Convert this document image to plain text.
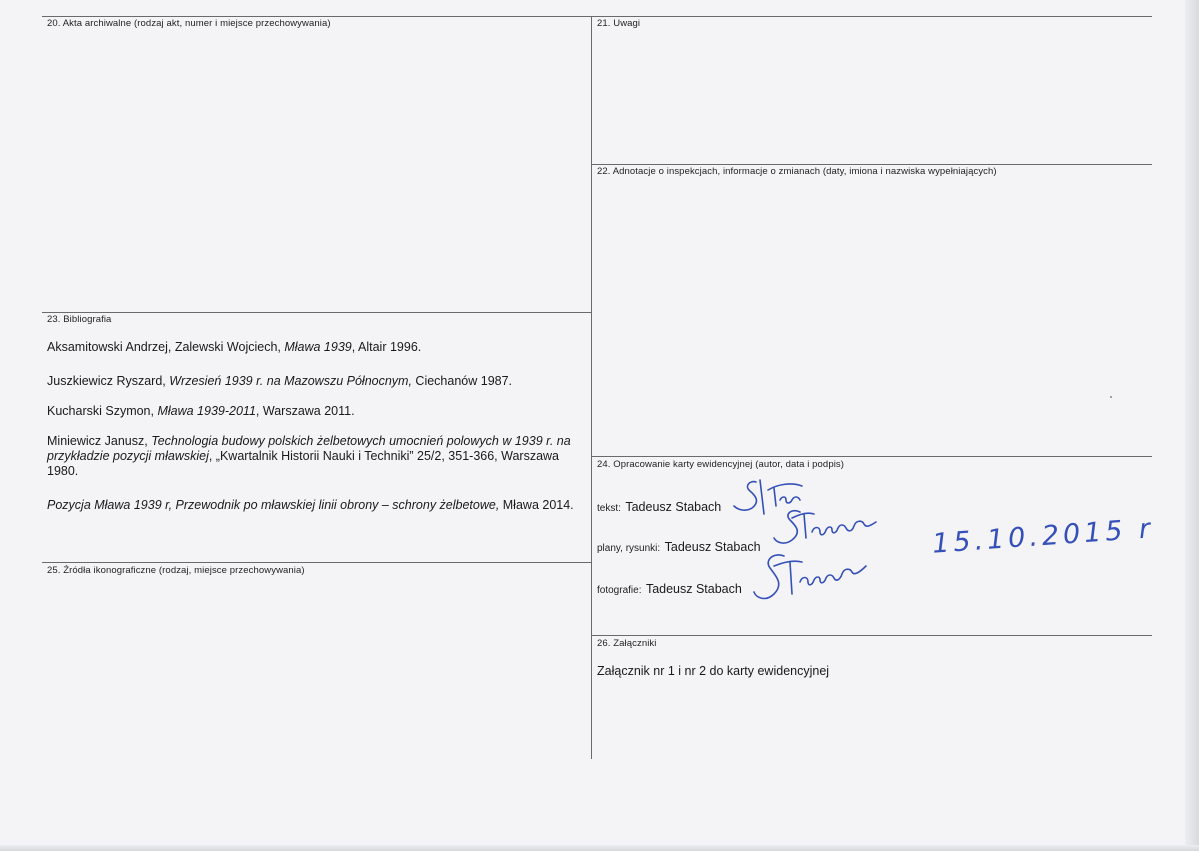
20. Akta archiwalne (rodzaj akt, numer i miejsce przechowywania)	21. Uwagi
22. Adnotacje o inspekcjach, informacje o zmianach (daty, imiona i nazwiska wypełniających)
23. Bibliografia
24. Opracowanie karty ewidencyjnej (autor, data i podpis)
25. Źródła ikonograficzne (rodzaj, miejsce przechowywania)
26. Załączniki
Aksamitowski Andrzej, Zalewski Wojciech, Mława 1939, Altair 1996.
Juszkiewicz Ryszard, Wrzesień 1939 r. na Mazowszu Północnym, Ciechanów 1987.
Kucharski Szymon, Mława 1939-2011, Warszawa 2011.
Miniewicz Janusz, Technologia budowy polskich żelbetowych umocnień polowych w 1939 r. na przykładzie pozycji mławskiej, „Kwartalnik Historii Nauki i Techniki” 25/2, 351-366, Warszawa 1980.
Pozycja Mława 1939 r, Przewodnik po mławskiej linii obrony – schrony żelbetowe, Mława 2014.	tekst: Tadeusz Stabach
plany, rysunki: Tadeusz Stabach
fotografie: Tadeusz Stabach
15.10.2015 r
Załącznik nr 1 i nr 2 do karty ewidencyjnej
